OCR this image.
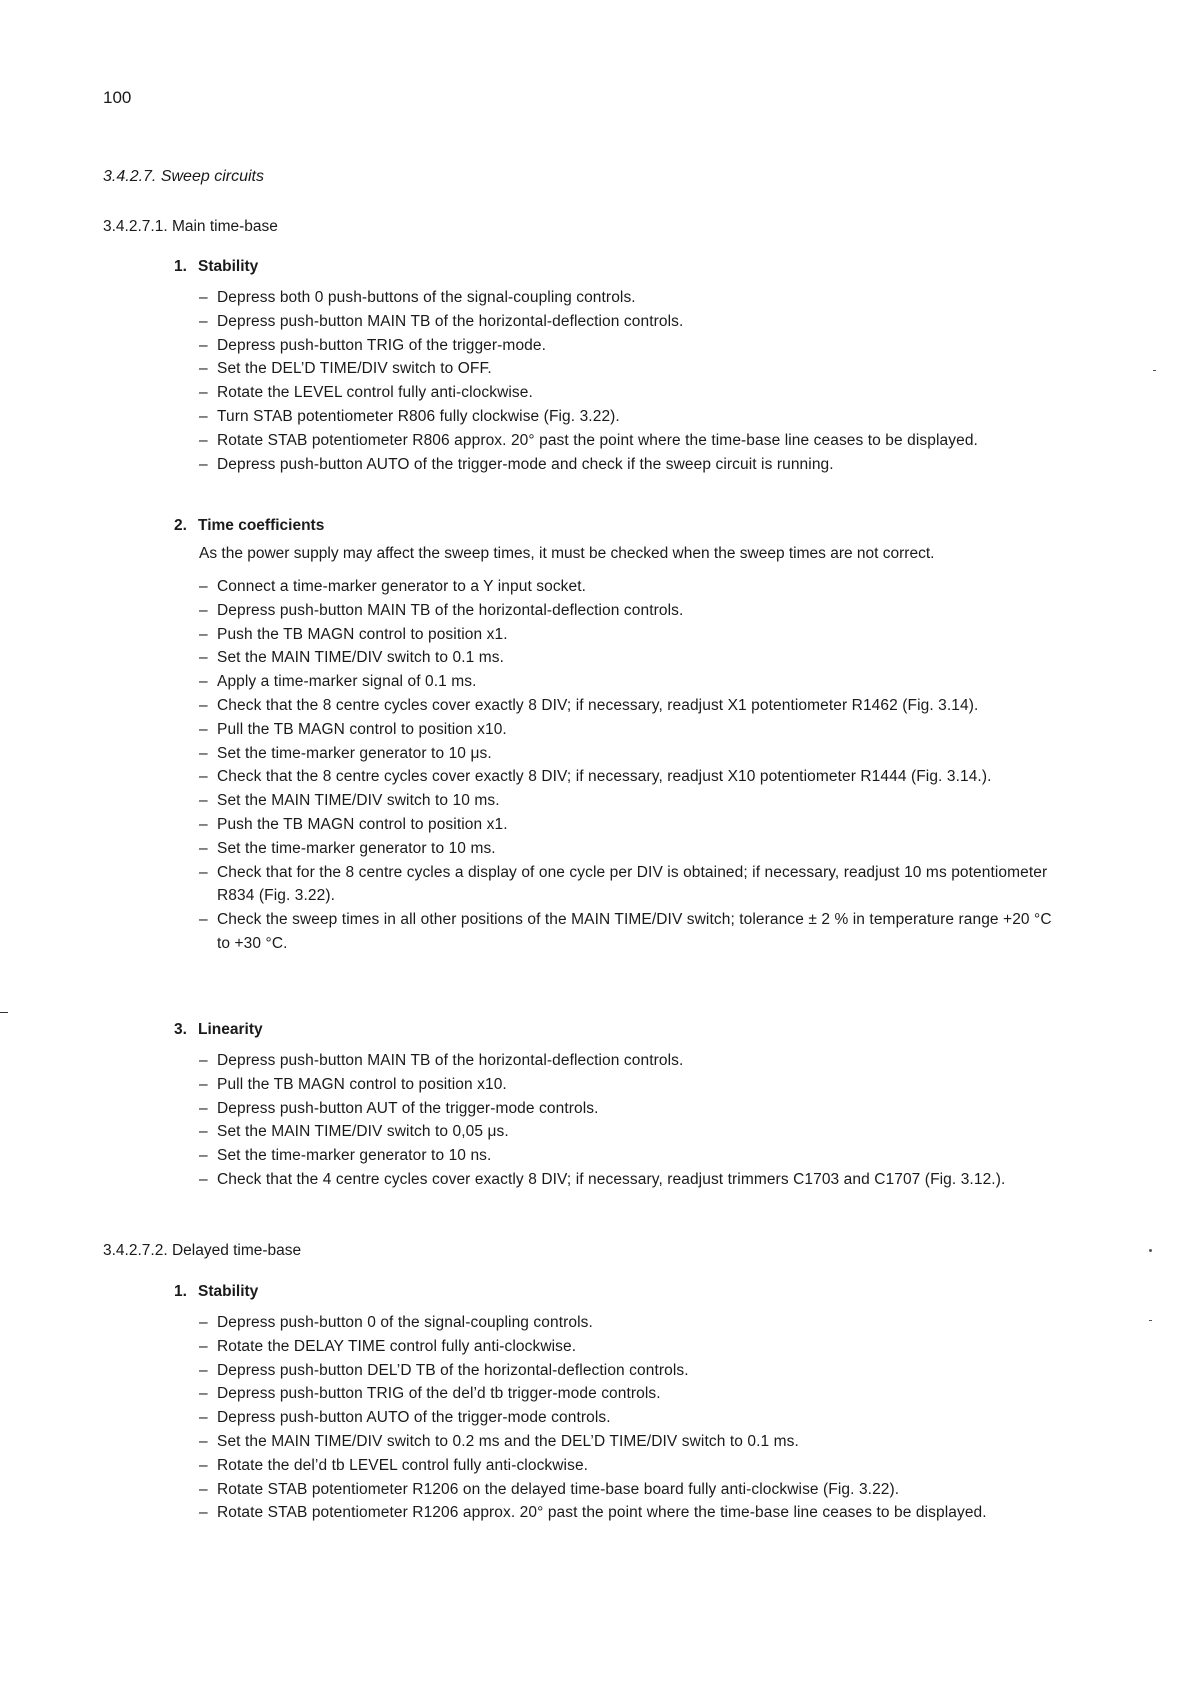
100
3.4.2.7. Sweep circuits
3.4.2.7.1. Main time-base
1. Stability
– Depress both 0 push-buttons of the signal-coupling controls.
– Depress push-button MAIN TB of the horizontal-deflection controls.
– Depress push-button TRIG of the trigger-mode.
– Set the DEL’D TIME/DIV switch to OFF.
– Rotate the LEVEL control fully anti-clockwise.
– Turn STAB potentiometer R806 fully clockwise (Fig. 3.22).
– Rotate STAB potentiometer R806 approx. 20° past the point where the time-base line ceases to be displayed.
– Depress push-button AUTO of the trigger-mode and check if the sweep circuit is running.
2. Time coefficients
As the power supply may affect the sweep times, it must be checked when the sweep times are not correct.
– Connect a time-marker generator to a Y input socket.
– Depress push-button MAIN TB of the horizontal-deflection controls.
– Push the TB MAGN control to position x1.
– Set the MAIN TIME/DIV switch to 0.1 ms.
– Apply a time-marker signal of 0.1 ms.
– Check that the 8 centre cycles cover exactly 8 DIV; if necessary, readjust X1 potentiometer R1462 (Fig. 3.14).
– Pull the TB MAGN control to position x10.
– Set the time-marker generator to 10 μs.
– Check that the 8 centre cycles cover exactly 8 DIV; if necessary, readjust X10 potentiometer R1444 (Fig. 3.14.).
– Set the MAIN TIME/DIV switch to 10 ms.
– Push the TB MAGN control to position x1.
– Set the time-marker generator to 10 ms.
– Check that for the 8 centre cycles a display of one cycle per DIV is obtained; if necessary, readjust 10 ms potentiometer R834 (Fig. 3.22).
– Check the sweep times in all other positions of the MAIN TIME/DIV switch; tolerance ± 2 % in temperature range +20 °C to +30 °C.
3. Linearity
– Depress push-button MAIN TB of the horizontal-deflection controls.
– Pull the TB MAGN control to position x10.
– Depress push-button AUT of the trigger-mode controls.
– Set the MAIN TIME/DIV switch to 0,05 μs.
– Set the time-marker generator to 10 ns.
– Check that the 4 centre cycles cover exactly 8 DIV; if necessary, readjust trimmers C1703 and C1707 (Fig. 3.12.).
3.4.2.7.2. Delayed time-base
1. Stability
– Depress push-button 0 of the signal-coupling controls.
– Rotate the DELAY TIME control fully anti-clockwise.
– Depress push-button DEL’D TB of the horizontal-deflection controls.
– Depress push-button TRIG of the del’d tb trigger-mode controls.
– Depress push-button AUTO of the trigger-mode controls.
– Set the MAIN TIME/DIV switch to 0.2 ms and the DEL’D TIME/DIV switch to 0.1 ms.
– Rotate the del’d tb LEVEL control fully anti-clockwise.
– Rotate STAB potentiometer R1206 on the delayed time-base board fully anti-clockwise (Fig. 3.22).
– Rotate STAB potentiometer R1206 approx. 20° past the point where the time-base line ceases to be displayed.
